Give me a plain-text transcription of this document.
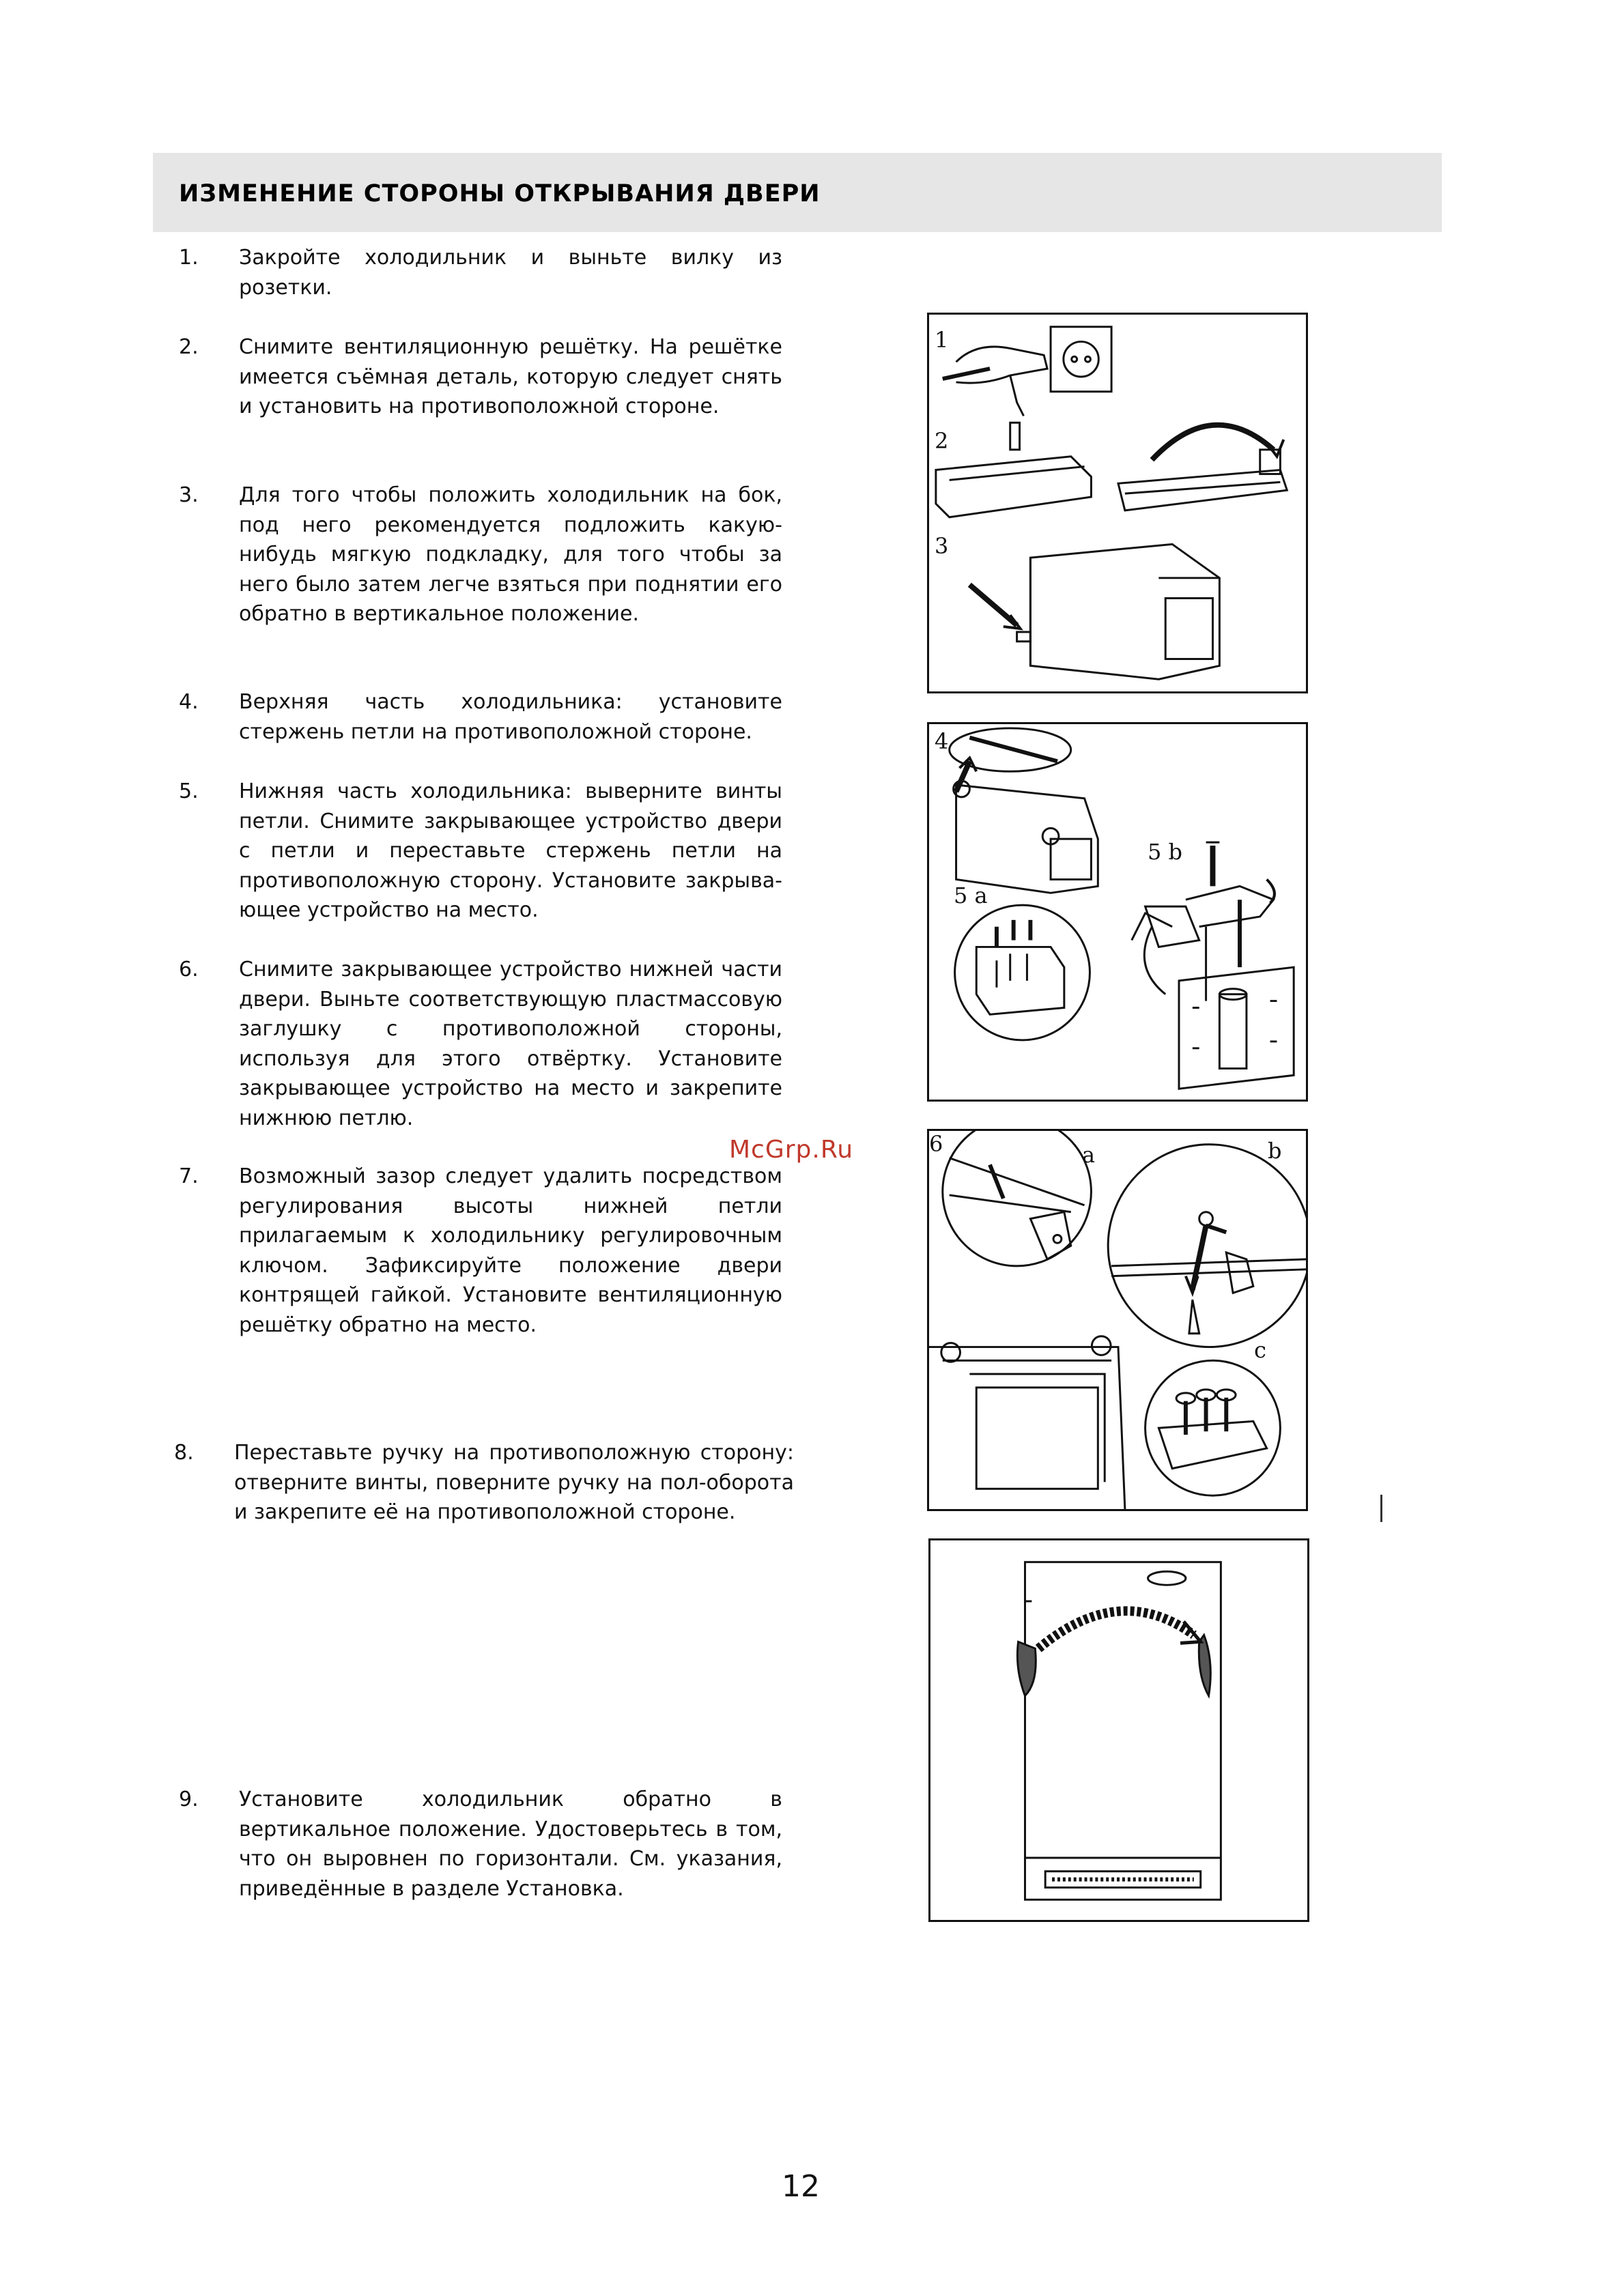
ИЗМЕНЕНИЕ СТОРОНЫ ОТКРЫВАНИЯ ДВЕРИ
1. Закройте холодильник и выньте вилку из розетки.
2. Снимите вентиляционную решётку. На решётке имеется съёмная деталь, которую следует снять и установить на противоположной стороне.
3. Для того чтобы положить холодильник на бок, под него рекомендуется подложить какую-нибудь мягкую подкладку, для того чтобы за него было затем легче взяться при поднятии его обратно в вертикальное положение.
4. Верхняя часть холодильника: установите стержень петли на противоположной стороне.
5. Нижняя часть холодильника: выверните винты петли. Снимите закрывающее устройство двери с петли и переставьте стержень петли на противоположную сторону. Установите закрыва-ющее устройство на место.
6. Снимите закрывающее устройство нижней части двери. Выньте соответствующую пластмассовую заглушку с противоположной стороны, используя для этого отвёртку. Установите закрывающее устройство на место и закрепите нижнюю петлю.
7. Возможный зазор следует удалить посредством регулирования высоты нижней петли прилагаемым к холодильнику регулировочным ключом. Зафиксируйте положение двери контрящей гайкой. Установите вентиляционную решётку обратно на место.
8. Переставьте ручку на противоположную сторону: отверните винты, поверните ручку на пол-оборота и закрепите её на противоположной стороне.
9. Установите холодильник обратно в вертикальное положение. Удостоверьтесь в том, что он выровнен по горизонтали. См. указания, приведённые в разделе Установка.
1
2
3
4
5 b
5 a
6	a	b
c
McGrp.Ru
12
